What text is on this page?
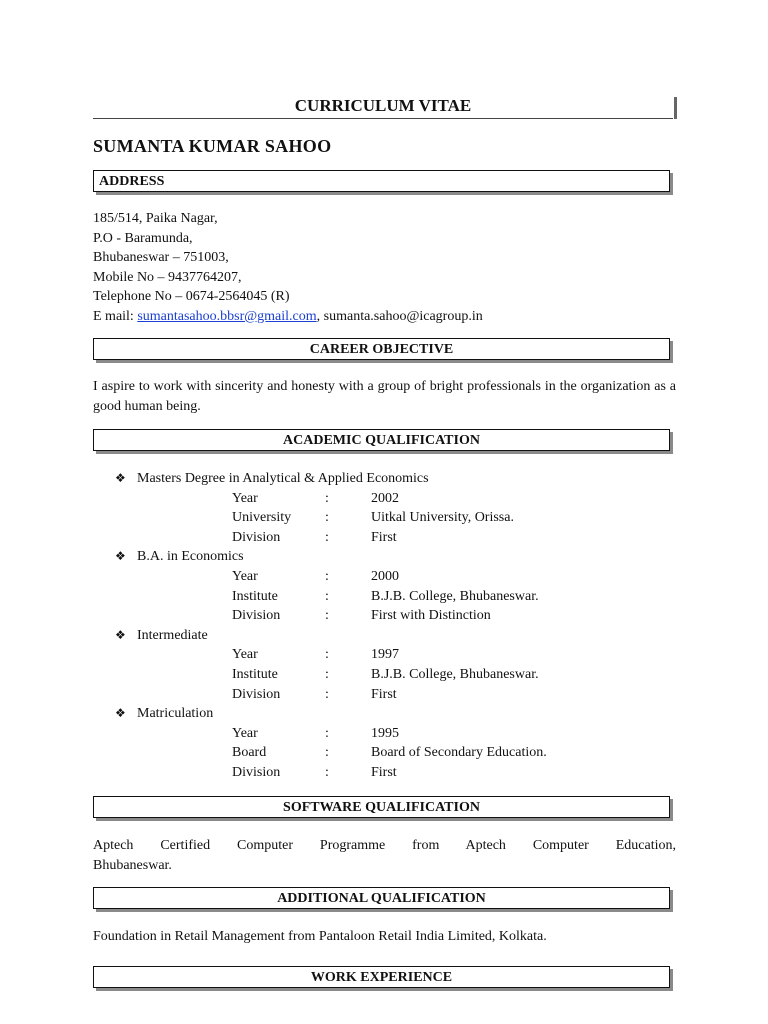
CURRICULUM VITAE
SUMANTA KUMAR SAHOO
ADDRESS
185/514, Paika Nagar,
P.O - Baramunda,
Bhubaneswar – 751003,
Mobile No – 9437764207,
Telephone No – 0674-2564045 (R)
E mail: sumantasahoo.bbsr@gmail.com, sumanta.sahoo@icagroup.in
CAREER OBJECTIVE
I aspire to work with sincerity and honesty with a group of bright professionals in the organization as a good human being.
ACADEMIC QUALIFICATION
❖ Masters Degree in Analytical & Applied Economics
Year	:	2002
University :	Uitkal University, Orissa.
Division	:	First
❖ B.A. in Economics
Year	:	2000
Institute	:	B.J.B. College, Bhubaneswar.
Division	:	First with Distinction
❖ Intermediate
Year	:	1997
Institute	:	B.J.B. College, Bhubaneswar.
Division	:	First
❖ Matriculation
Year	:	1995
Board	:	Board of Secondary Education.
Division	:	First
SOFTWARE QUALIFICATION
Aptech Certified Computer Programme from Aptech Computer Education,
Bhubaneswar.
ADDITIONAL QUALIFICATION
Foundation in Retail Management from Pantaloon Retail India Limited, Kolkata.
WORK EXPERIENCE
